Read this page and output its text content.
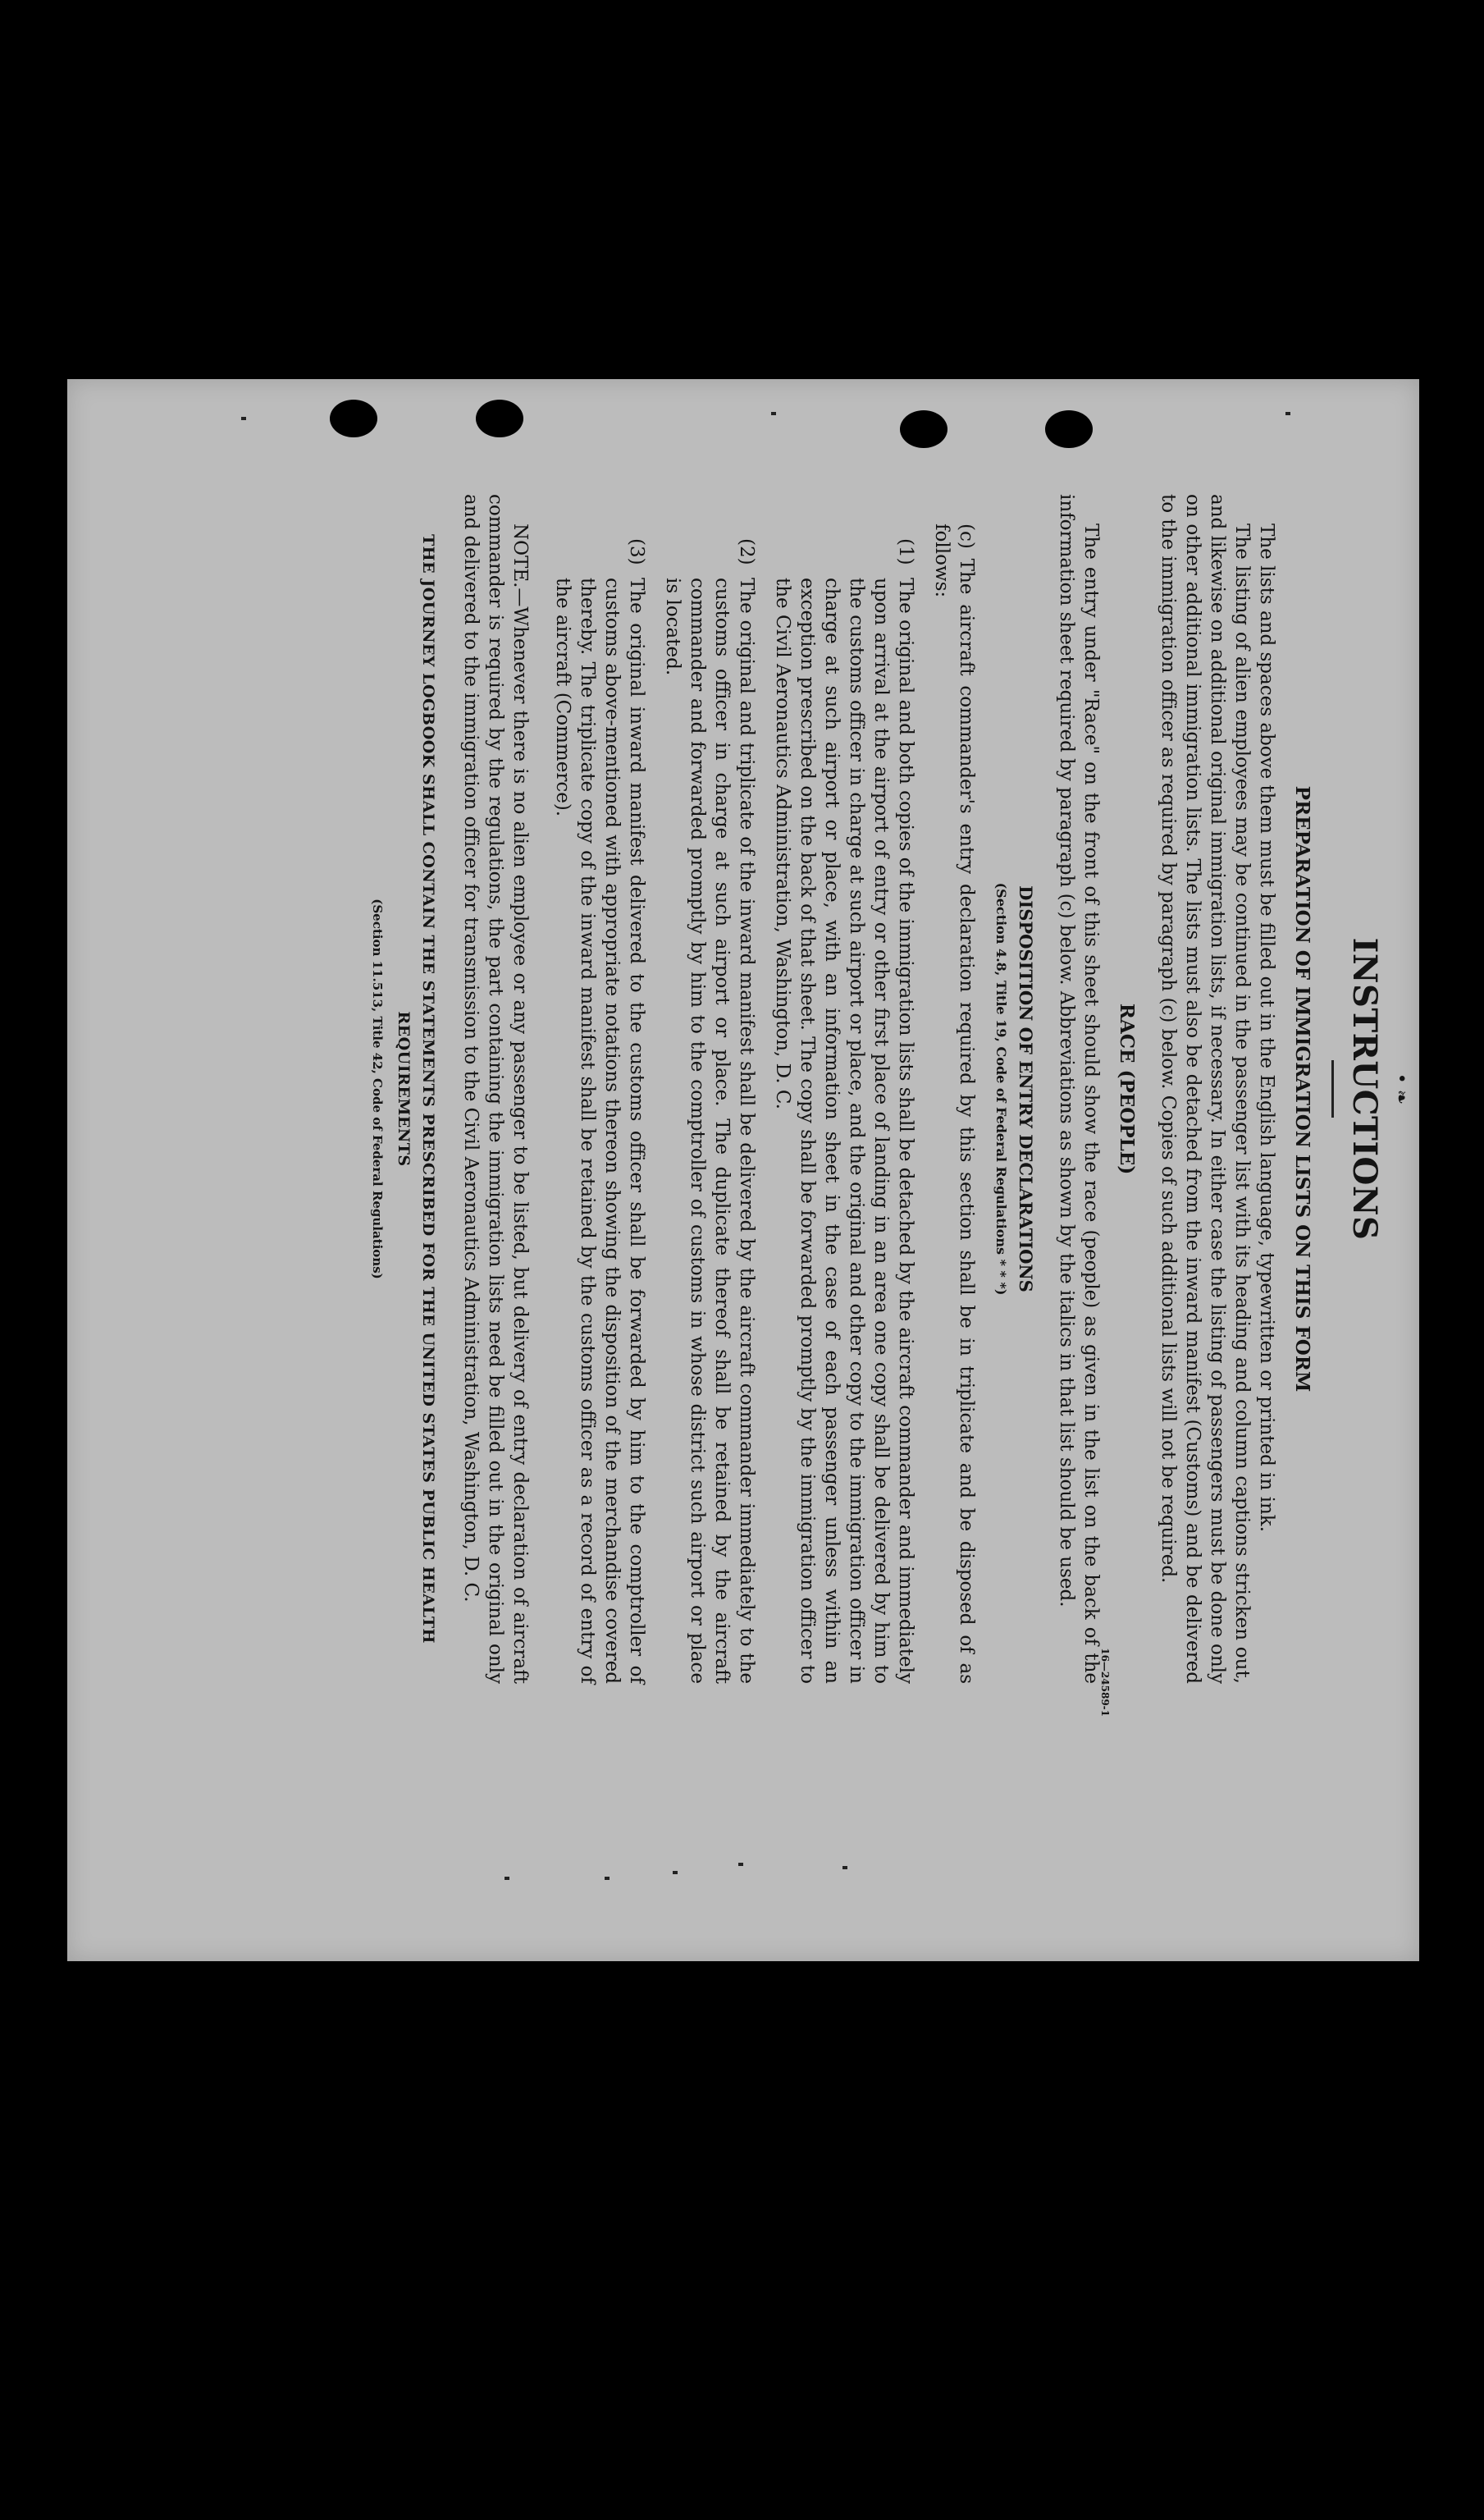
• ❧
INSTRUCTIONS
PREPARATION OF IMMIGRATION LISTS ON THIS FORM

The lists and spaces above them must be filled out in the English language, typewritten or printed in ink.

The listing of alien employees may be continued in the passenger list with its heading and column captions stricken out, and likewise on additional original immigration lists, if necessary. In either case the listing of passengers must be done only on other additional immigration lists. The lists must also be detached from the inward manifest (Customs) and be delivered to the immigration officer as required by paragraph (c) below. Copies of such additional lists will not be required.

RACE (PEOPLE)

The entry under "Race" on the front of this sheet should show the race (people) as given in the list on the back of the information sheet required by paragraph (c) below. Abbreviations as shown by the italics in that list should be used.

DISPOSITION OF ENTRY DECLARATIONS
(Section 4.8, Title 19, Code of Federal Regulations * * *)

(c) The aircraft commander's entry declaration required by this section shall be in triplicate and be disposed of as follows:

(1)
The original and both copies of the immigration lists shall be detached by the aircraft commander and immediately upon arrival at the airport of entry or other first place of landing in an area one copy shall be delivered by him to the customs officer in charge at such airport or place, and the original and other copy to the immigration officer in charge at such airport or place, with an information sheet in the case of each passenger unless within an exception prescribed on the back of that sheet. The copy shall be forwarded promptly by the immigration officer to the Civil Aeronautics Administration, Washington, D. C.
(2)
The original and triplicate of the inward manifest shall be delivered by the aircraft commander immediately to the customs officer in charge at such airport or place. The duplicate thereof shall be retained by the aircraft commander and forwarded promptly by him to the comptroller of customs in whose district such airport or place is located.
(3)
The original inward manifest delivered to the customs officer shall be forwarded by him to the comptroller of customs above-mentioned with appropriate notations thereon showing the disposition of the merchandise covered thereby. The triplicate copy of the inward manifest shall be retained by the customs officer as a record of entry of the aircraft (Commerce).

NOTE.—Whenever there is no alien employee or any passenger to be listed, but delivery of entry declaration of aircraft commander is required by the regulations, the part containing the immigration lists need be filled out in the original only and delivered to the immigration officer for transmission to the Civil Aeronautics Administration, Washington, D. C.

THE JOURNEY LOGBOOK SHALL CONTAIN THE STATEMENTS PRESCRIBED FOR THE UNITED STATES PUBLIC HEALTH REQUIREMENTS
(Section 11.513, Title 42, Code of Federal Regulations)
16—24589-1
